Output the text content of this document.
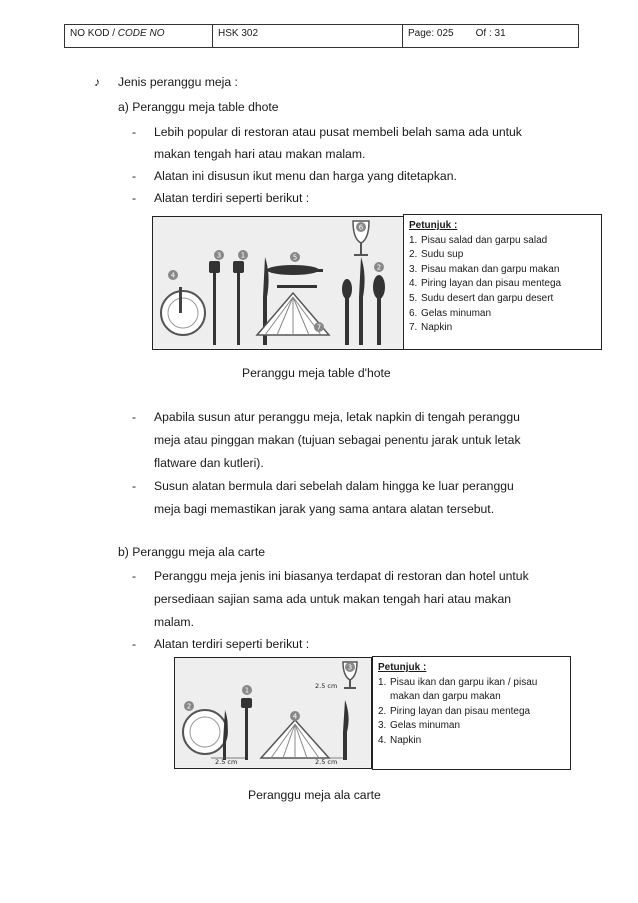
NO KOD / CODE NO	HSK 302	Page: 025 Of : 31
♪ Jenis peranggu meja :
a) Peranggu meja table dhote
- Lebih popular di restoran atau pusat membeli belah sama ada untuk
makan tengah hari atau makan malam.
- Alatan ini disusun ikut menu dan harga yang ditetapkan.
- Alatan terdiri seperti berikut :
4
3	1	5
6
2
7
Petunjuk :
1. Pisau salad dan garpu salad
2. Sudu sup
3. Pisau makan dan garpu makan
4. Piring layan dan pisau mentega
5. Sudu desert dan garpu desert
6. Gelas minuman
7. Napkin
Peranggu meja table d'hote
- Apabila susun atur peranggu meja, letak napkin di tengah peranggu
meja atau pinggan makan (tujuan sebagai penentu jarak untuk letak
flatware dan kutleri).
- Susun alatan bermula dari sebelah dalam hingga ke luar peranggu
meja bagi memastikan jarak yang sama antara alatan tersebut.
b) Peranggu meja ala carte
- Peranggu meja jenis ini biasanya terdapat di restoran dan hotel untuk
persediaan sajian sama ada untuk makan tengah hari atau makan
malam.
- Alatan terdiri seperti berikut :
2.5 cm
2.5 cm	2.5 cm
2
1
4
3	Petunjuk :
1. Pisau ikan dan garpu ikan / pisau
makan dan garpu makan
2. Piring layan dan pisau mentega
3. Gelas minuman
4. Napkin
Peranggu meja ala carte
